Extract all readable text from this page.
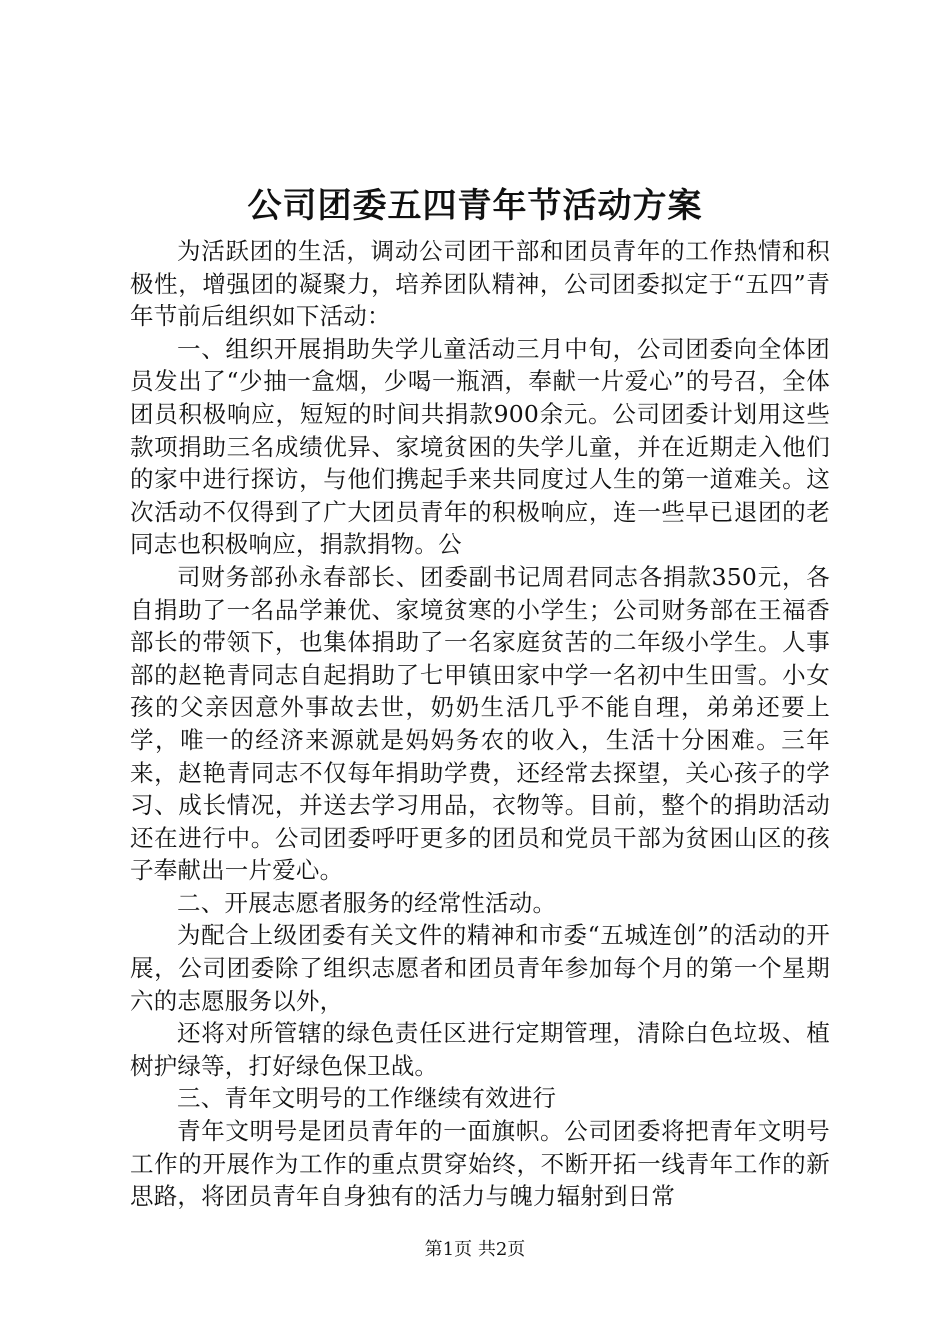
公司团委五四青年节活动方案

为活跃团的生活，调动公司团干部和团员青年的工作热情和积极性，增强团的凝聚力，培养团队精神，公司团委拟定于“五四”青年节前后组织如下活动：

一、组织开展捐助失学儿童活动三月中旬，公司团委向全体团员发出了“少抽一盒烟，少喝一瓶酒，奉献一片爱心”的号召，全体团员积极响应，短短的时间共捐款900余元。公司团委计划用这些款项捐助三名成绩优异、家境贫困的失学儿童，并在近期走入他们的家中进行探访，与他们携起手来共同度过人生的第一道难关。这次活动不仅得到了广大团员青年的积极响应，连一些早已退团的老同志也积极响应，捐款捐物。公

司财务部孙永春部长、团委副书记周君同志各捐款350元，各自捐助了一名品学兼优、家境贫寒的小学生；公司财务部在王福香部长的带领下，也集体捐助了一名家庭贫苦的二年级小学生。人事部的赵艳青同志自起捐助了七甲镇田家中学一名初中生田雪。小女孩的父亲因意外事故去世，奶奶生活几乎不能自理，弟弟还要上学，唯一的经济来源就是妈妈务农的收入，生活十分困难。三年来，赵艳青同志不仅每年捐助学费，还经常去探望，关心孩子的学习、成长情况，并送去学习用品，衣物等。目前，整个的捐助活动还在进行中。公司团委呼吁更多的团员和党员干部为贫困山区的孩子奉献出一片爱心。

二、开展志愿者服务的经常性活动。

为配合上级团委有关文件的精神和市委“五城连创”的活动的开展，公司团委除了组织志愿者和团员青年参加每个月的第一个星期六的志愿服务以外，

还将对所管辖的绿色责任区进行定期管理，清除白色垃圾、植树护绿等，打好绿色保卫战。

三、青年文明号的工作继续有效进行

青年文明号是团员青年的一面旗帜。公司团委将把青年文明号工作的开展作为工作的重点贯穿始终，不断开拓一线青年工作的新思路，将团员青年自身独有的活力与魄力辐射到日常

第1页 共2页
